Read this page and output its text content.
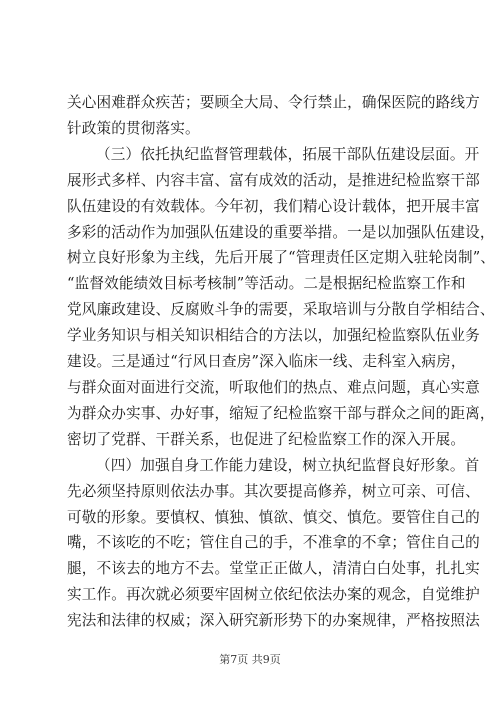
关心困难群众疾苦；要顾全大局、令行禁止，确保医院的路线方
针政策的贯彻落实。

（三）依托执纪监督管理载体，拓展干部队伍建设层面。开
展形式多样、内容丰富、富有成效的活动，是推进纪检监察干部
队伍建设的有效载体。今年初，我们精心设计载体，把开展丰富
多彩的活动作为加强队伍建设的重要举措。一是以加强队伍建设，
树立良好形象为主线，先后开展了“管理责任区定期入驻轮岗制”、
“监督效能绩效目标考核制”等活动。二是根据纪检监察工作和
党风廉政建设、反腐败斗争的需要，采取培训与分散自学相结合、
学业务知识与相关知识相结合的方法以，加强纪检监察队伍业务
建设。三是通过“行风日查房”深入临床一线、走科室入病房，
与群众面对面进行交流，听取他们的热点、难点问题，真心实意
为群众办实事、办好事，缩短了纪检监察干部与群众之间的距离，
密切了党群、干群关系，也促进了纪检监察工作的深入开展。

（四）加强自身工作能力建设，树立执纪监督良好形象。首
先必须坚持原则依法办事。其次要提高修养，树立可亲、可信、
可敬的形象。要慎权、慎独、慎欲、慎交、慎危。要管住自己的
嘴，不该吃的不吃；管住自己的手，不准拿的不拿；管住自己的
腿，不该去的地方不去。堂堂正正做人，清清白白处事，扎扎实
实工作。再次就必须要牢固树立依纪依法办案的观念，自觉维护
宪法和法律的权威；深入研究新形势下的办案规律，严格按照法

第7页 共9页
